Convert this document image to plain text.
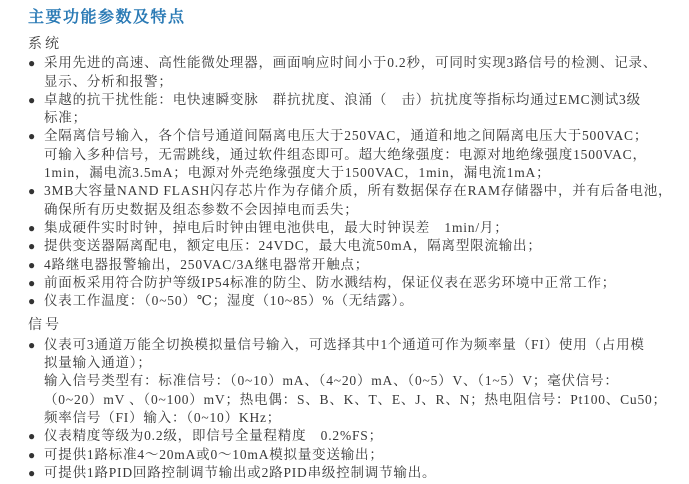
主要功能参数及特点
系统
● 采用先进的高速、高性能微处理器，画面响应时间小于0.2秒，可同时实现3路信号的检测、记录、
显示、分析和报警；
● 卓越的抗干扰性能：电快速瞬变脉　群抗扰度、浪涌（　击）抗扰度等指标均通过EMC测试3级
标准；
● 全隔离信号输入，各个信号通道间隔离电压大于250VAC，通道和地之间隔离电压大于500VAC；
可输入多种信号，无需跳线，通过软件组态即可。超大绝缘强度：电源对地绝缘强度1500VAC，
1min，漏电流3.5mA；电源对外壳绝缘强度大于1500VAC，1min，漏电流1mA；
● 3MB大容量NAND FLASH闪存芯片作为存储介质，所有数据保存在RAM存储器中，并有后备电池，
确保所有历史数据及组态参数不会因掉电而丢失；
● 集成硬件实时时钟，掉电后时钟由锂电池供电，最大时钟误差　1min/月；
● 提供变送器隔离配电，额定电压：24VDC，最大电流50mA，隔离型限流输出；
● 4路继电器报警输出，250VAC/3A继电器常开触点；
● 前面板采用符合防护等级IP54标准的防尘、防水溅结构，保证仪表在恶劣环境中正常工作；
● 仪表工作温度：（0~50）℃；湿度（10~85）%（无结露）。
信号
● 仪表可3通道万能全切换模拟量信号输入，可选择其中1个通道可作为频率量（FI）使用（占用模
拟量输入通道）；
输入信号类型有：标准信号：（0~10）mA、（4~20）mA、（0~5）V、（1~5）V；毫伏信号：
（0~20）mV 、（0~100）mV；热电偶：S、B、K、T、E、J、R、N；热电阻信号：Pt100、Cu50；
频率信号（FI）输入：（0~10）KHz；
● 仪表精度等级为0.2级，即信号全量程精度　0.2%FS；
● 可提供1路标准4～20mA或0～10mA模拟量变送输出；
● 可提供1路PID回路控制调节输出或2路PID串级控制调节输出。
